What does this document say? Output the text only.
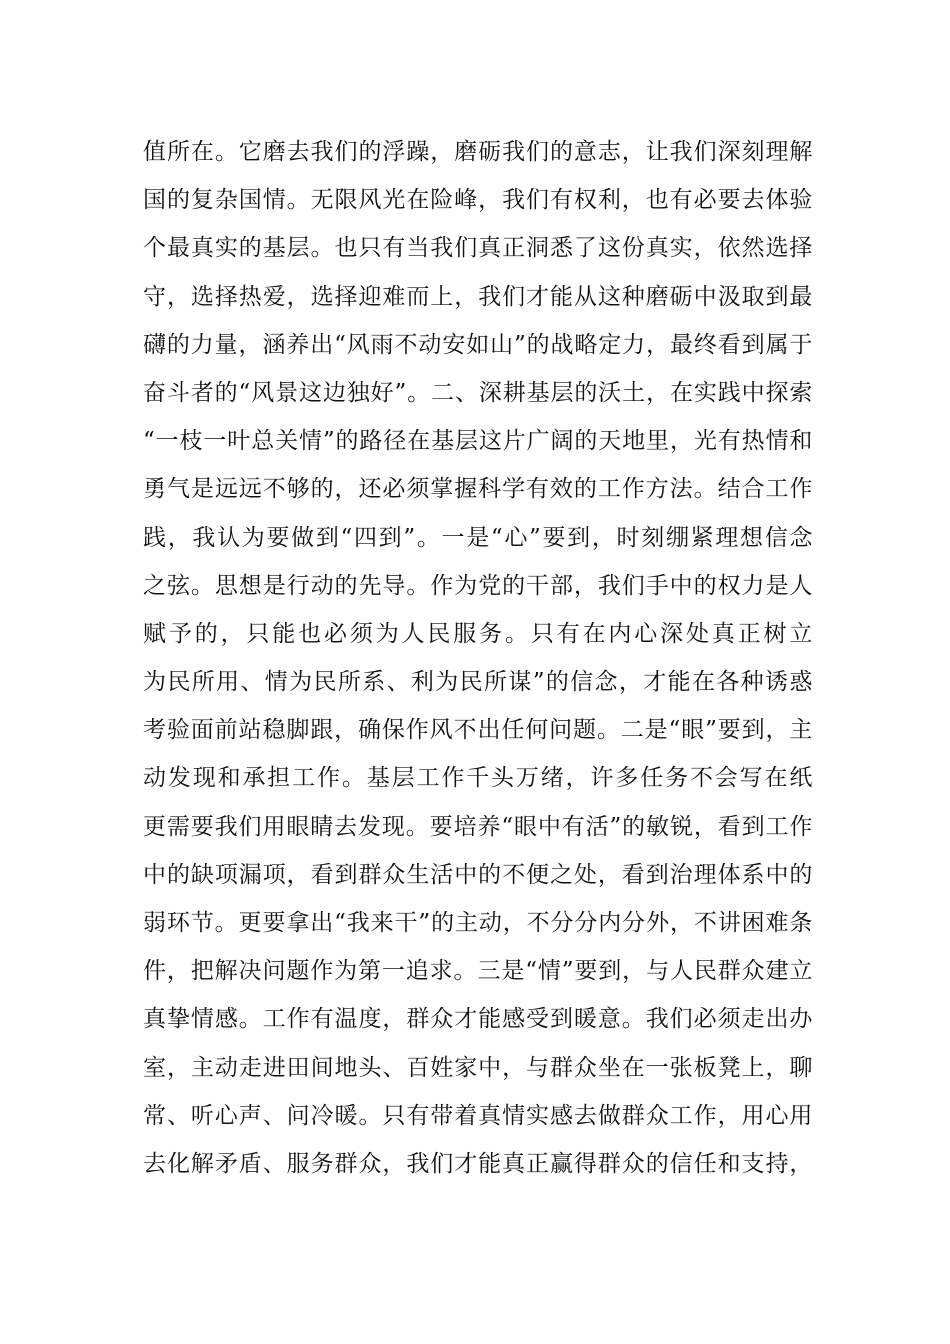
值所在。它磨去我们的浮躁，磨砺我们的意志，让我们深刻理解
国的复杂国情。无限风光在险峰，我们有权利，也有必要去体验
个最真实的基层。也只有当我们真正洞悉了这份真实，依然选择
守，选择热爱，选择迎难而上，我们才能从这种磨砺中汲取到最
礴的力量，涵养出“风雨不动安如山”的战略定力，最终看到属于
奋斗者的“风景这边独好”。二、深耕基层的沃土，在实践中探索
“一枝一叶总关情”的路径在基层这片广阔的天地里，光有热情和
勇气是远远不够的，还必须掌握科学有效的工作方法。结合工作
践，我认为要做到“四到”。一是“心”要到，时刻绷紧理想信念
之弦。思想是行动的先导。作为党的干部，我们手中的权力是人
赋予的，只能也必须为人民服务。只有在内心深处真正树立
为民所用、情为民所系、利为民所谋”的信念，才能在各种诱惑
考验面前站稳脚跟，确保作风不出任何问题。二是“眼”要到，主
动发现和承担工作。基层工作千头万绪，许多任务不会写在纸
更需要我们用眼睛去发现。要培养“眼中有活”的敏锐，看到工作
中的缺项漏项，看到群众生活中的不便之处，看到治理体系中的
弱环节。更要拿出“我来干”的主动，不分分内分外，不讲困难条
件，把解决问题作为第一追求。三是“情”要到，与人民群众建立
真挚情感。工作有温度，群众才能感受到暖意。我们必须走出办
室，主动走进田间地头、百姓家中，与群众坐在一张板凳上，聊
常、听心声、问冷暖。只有带着真情实感去做群众工作，用心用
去化解矛盾、服务群众，我们才能真正赢得群众的信任和支持，
